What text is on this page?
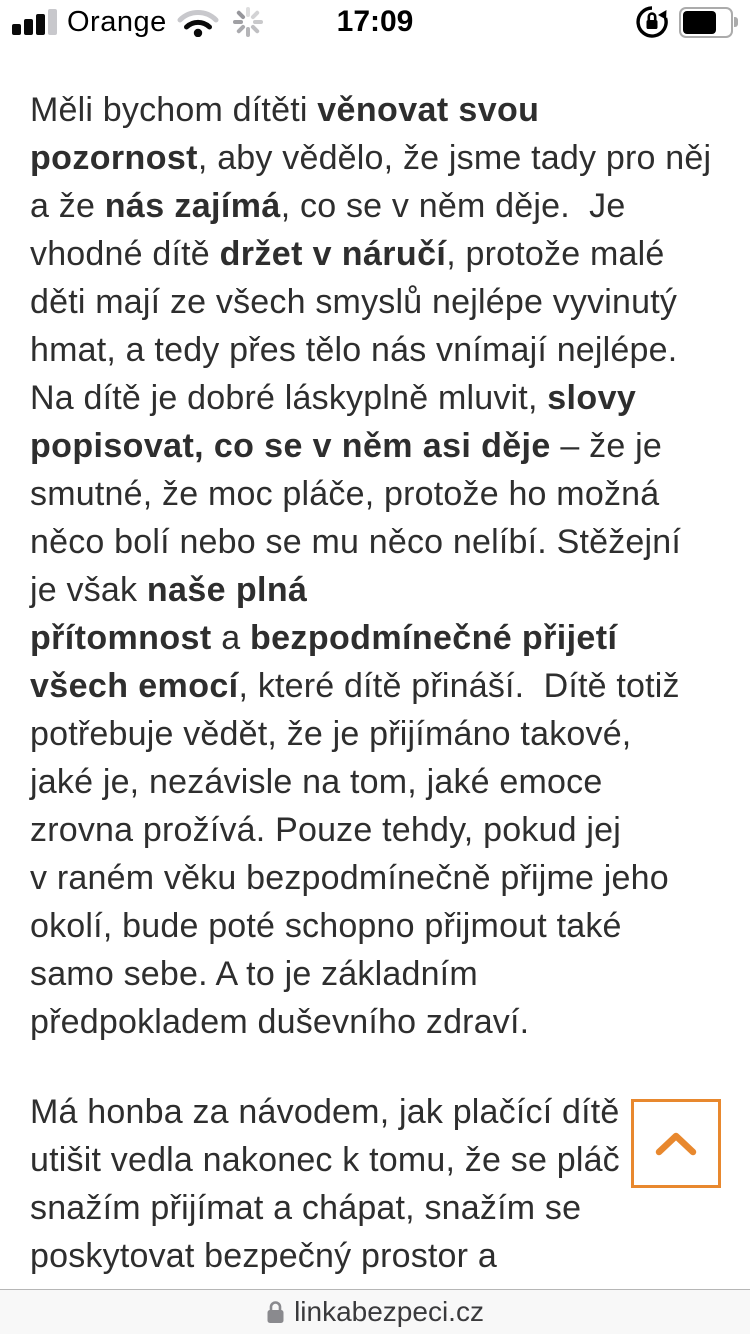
Orange	17:09
Měli bychom dítěti věnovat svou
pozornost, aby vědělo, že jsme tady pro něj
a že nás zajímá, co se v něm děje.  Je
vhodné dítě držet v náručí, protože malé
děti mají ze všech smyslů nejlépe vyvinutý
hmat, a tedy přes tělo nás vnímají nejlépe.
Na dítě je dobré láskyplně mluvit, slovy
popisovat, co se v něm asi děje – že je
smutné, že moc pláče, protože ho možná
něco bolí nebo se mu něco nelíbí. Stěžejní
je však naše plná
přítomnost a bezpodmínečné přijetí
všech emocí, které dítě přináší.  Dítě totiž
potřebuje vědět, že je přijímáno takové,
jaké je, nezávisle na tom, jaké emoce
zrovna prožívá. Pouze tehdy, pokud jej
v raném věku bezpodmínečně přijme jeho
okolí, bude poté schopno přijmout také
samo sebe. A to je základním
předpokladem duševního zdraví.
Má honba za návodem, jak plačící dítě
utišit vedla nakonec k tomu, že se pláč
snažím přijímat a chápat, snažím se
poskytovat bezpečný prostor a
linkabezpeci.cz
